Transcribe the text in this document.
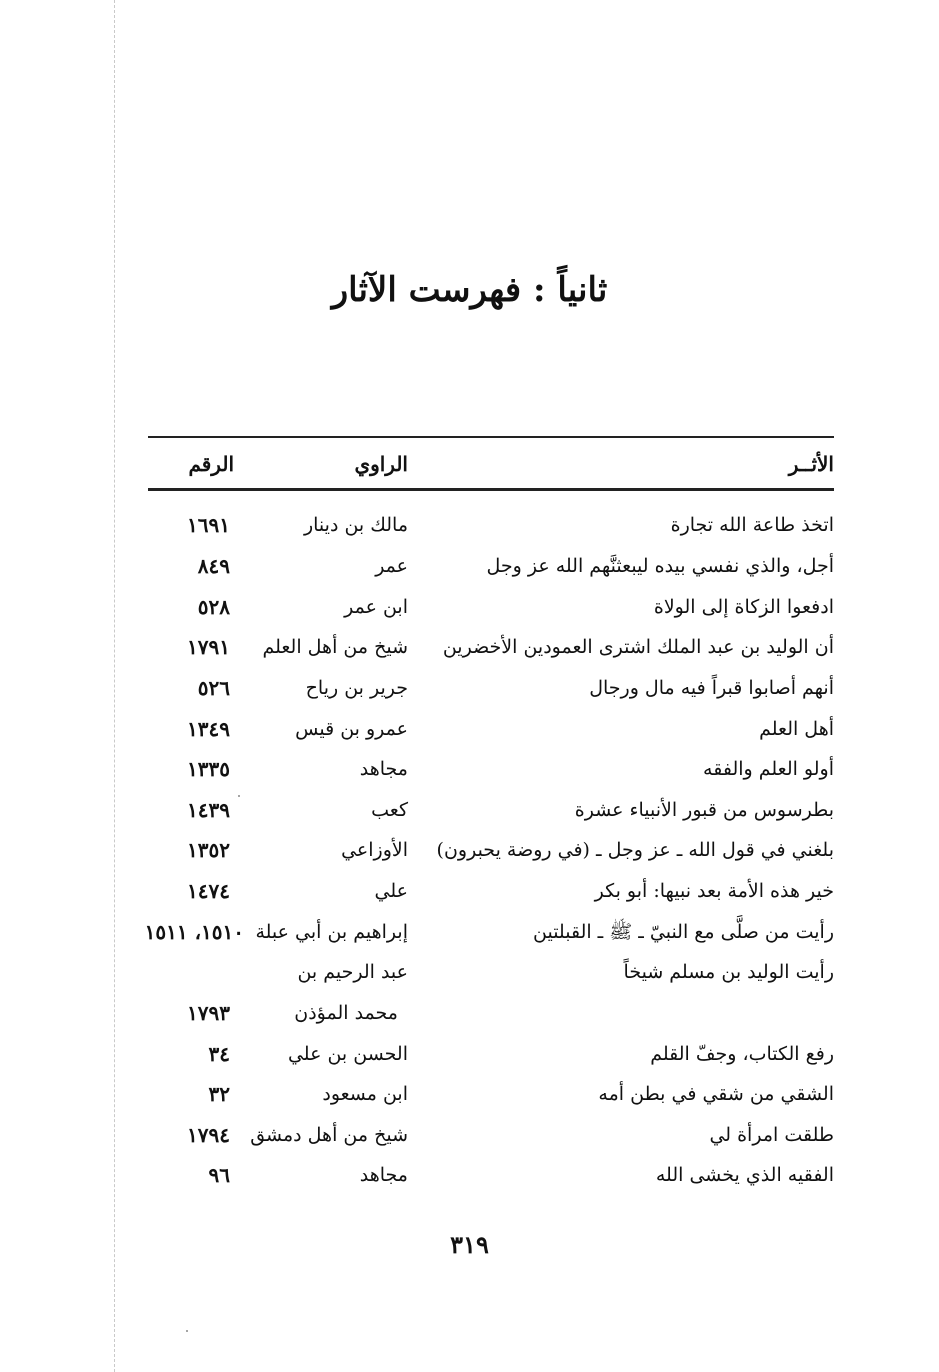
ثانياً : فهرست الآثار
الأثــر
الراوي
الرقم
اتخذ طاعة الله تجارة
مالك بن دينار
١٦٩١
أجل، والذي نفسي بيده ليبعثنَّهم الله عز وجل
عمر
٨٤٩
ادفعوا الزكاة إلى الولاة
ابن عمر
٥٢٨
أن الوليد بن عبد الملك اشترى العمودين الأخضرين
شيخ من أهل العلم
١٧٩١
أنهم أصابوا قبراً فيه مال ورجال
جرير بن رياح
٥٢٦
أهل العلم
عمرو بن قيس
١٣٤٩
أولو العلم والفقه
مجاهد
١٣٣٥
بطرسوس من قبور الأنبياء عشرة
كعب
١٤٣٩
بلغني في قول الله ـ عز وجل ـ (في روضة يحبرون)
الأوزاعي
١٣٥٢
خير هذه الأمة بعد نبيها: أبو بكر
علي
١٤٧٤
رأيت من صلَّى مع النبيّ ـ ﷺ ـ القبلتين
إبراهيم بن أبي عبلة
١٥١٠، ١٥١١
رأيت الوليد بن مسلم شيخاً
عبد الرحيم بن
محمد المؤذن
١٧٩٣
رفع الكتاب، وجفّ القلم
الحسن بن علي
٣٤
الشقي من شقي في بطن أمه
ابن مسعود
٣٢
طلقت امرأة لي
شيخ من أهل دمشق
١٧٩٤
الفقيه الذي يخشى الله
مجاهد
٩٦
٣١٩
